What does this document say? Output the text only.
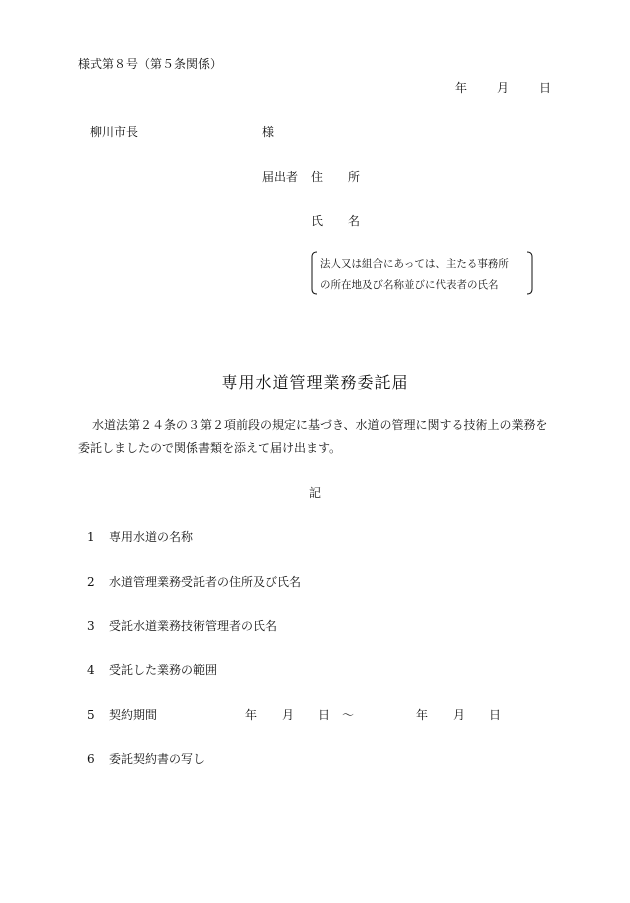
様式第８号（第５条関係）
年 月 日
柳川市長	様
届出者 住 所
氏 名
法人又は組合にあっては、主たる事務所
の所在地及び名称並びに代表者の氏名
専用水道管理業務委託届
水道法第２４条の３第２項前段の規定に基づき、水道の管理に関する技術上の業務を委託しましたので関係書類を添えて届け出ます。
記
1 専用水道の名称
2 水道管理業務受託者の住所及び氏名
3 受託水道業務技術管理者の氏名
4 受託した業務の範囲
5 契約期間
6 委託契約書の写し
年 月 日 ～	年 月 日
